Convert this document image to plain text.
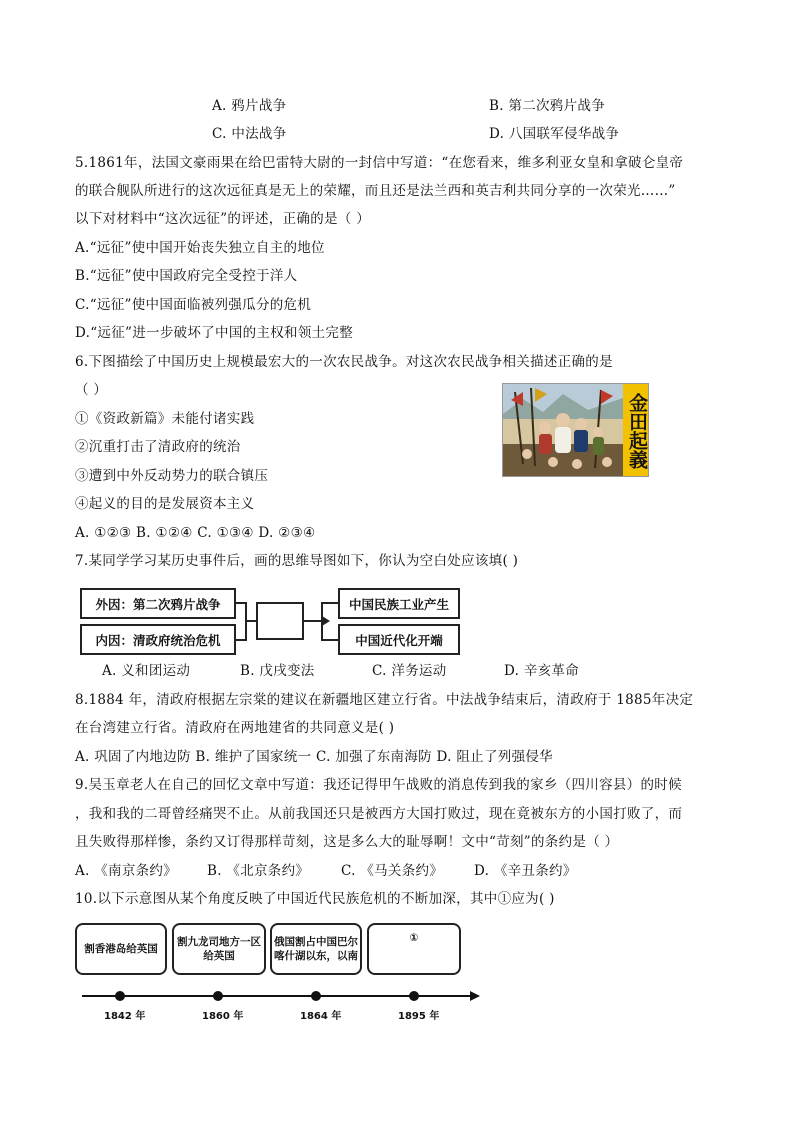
A. 鸦片战争	B. 第二次鸦片战争
C. 中法战争	D. 八国联军侵华战争
5.1861年，法国文豪雨果在给巴雷特大尉的一封信中写道：“在您看来，维多利亚女皇和拿破仑皇帝
的联合舰队所进行的这次远征真是无上的荣耀，而且还是法兰西和英吉利共同分享的一次荣光……”
以下对材料中“这次远征”的评述，正确的是（ ）
A.“远征”使中国开始丧失独立自主的地位
B.“远征”使中国政府完全受控于洋人
C.“远征”使中国面临被列强瓜分的危机
D.“远征”进一步破坏了中国的主权和领土完整
6.下图描绘了中国历史上规模最宏大的一次农民战争。对这次农民战争相关描述正确的是
（ ）
①《资政新篇》未能付诸实践
②沉重打击了清政府的统治
③遭到中外反动势力的联合镇压
④起义的目的是发展资本主义
A. ①②③ B. ①②④ C. ①③④ D. ②③④
金田起義
7.某同学学习某历史事件后，画的思维导图如下，你认为空白处应该填( )
外因：第二次鸦片战争
内因：清政府统治危机
中国民族工业产生
中国近代化开端
A. 义和团运动	B. 戊戌变法	C. 洋务运动	D. 辛亥革命
8.1884 年，清政府根据左宗棠的建议在新疆地区建立行省。中法战争结束后，清政府于 1885年决定
在台湾建立行省。清政府在两地建省的共同意义是( )
A. 巩固了内地边防 B. 维护了国家统一 C. 加强了东南海防 D. 阻止了列强侵华
9.吴玉章老人在自己的回忆文章中写道：我还记得甲午战败的消息传到我的家乡（四川容县）的时候
，我和我的二哥曾经痛哭不止。从前我国还只是被西方大国打败过，现在竟被东方的小国打败了，而
且失败得那样惨，条约又订得那样苛刻，这是多么大的耻辱啊！文中“苛刻”的条约是（ ）
A. 《南京条约》 B. 《北京条约》 C. 《马关条约》 D. 《辛丑条约》
10.以下示意图从某个角度反映了中国近代民族危机的不断加深，其中①应为( )
割香港岛给英国
割九龙司地方一区给英国
俄国割占中国巴尔喀什湖以东，以南
①
1842 年	1860 年	1864 年	1895 年
